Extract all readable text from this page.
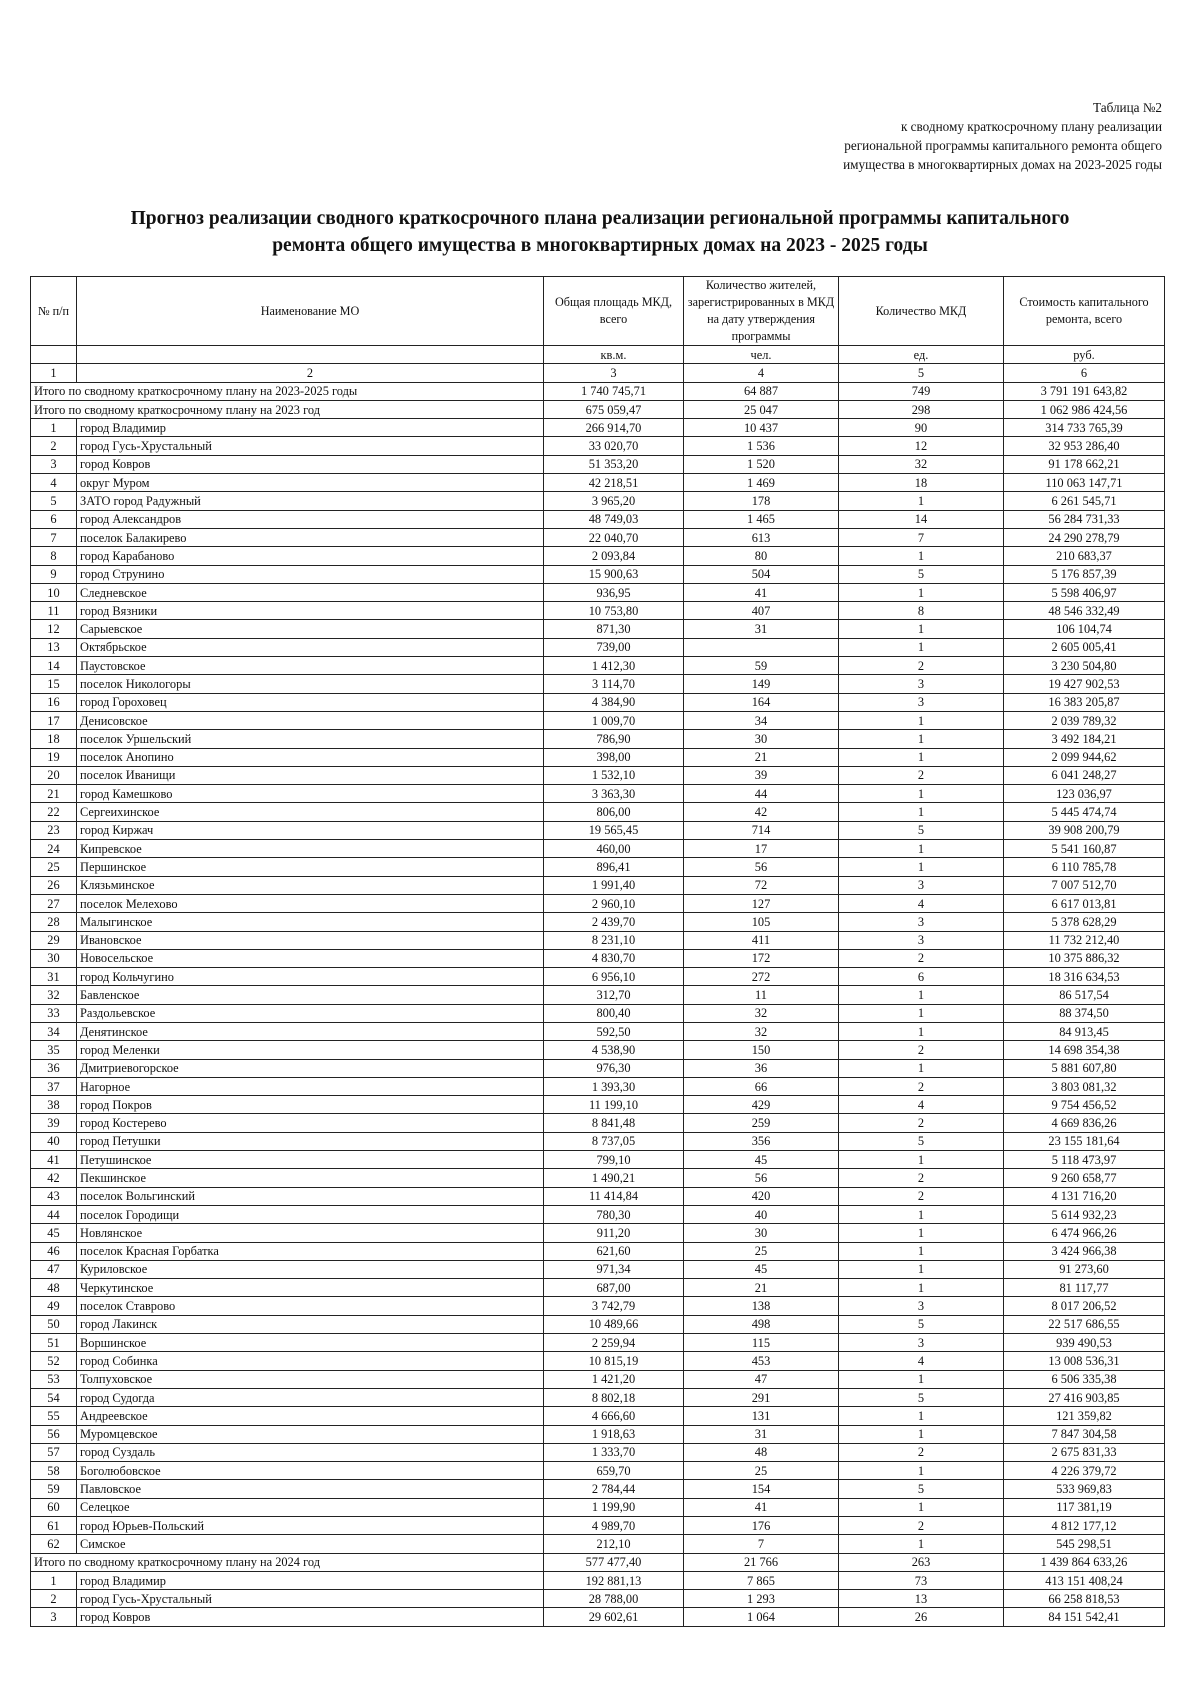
Таблица №2
к сводному краткосрочному плану реализации
региональной программы капитального ремонта общего
имущества в многоквартирных домах на 2023-2025 годы
Прогноз реализации сводного краткосрочного плана реализации региональной программы капитального
ремонта общего имущества в многоквартирных домах на 2023 - 2025 годы
№ п/п	Наименование МО	Общая площадь МКД, всего	Количество жителей, зарегистрированных в МКД на дату утверждения программы	Количество МКД	Стоимость капитального ремонта, всего
		кв.м.	чел.	ед.	руб.
1	2	3	4	5	6
Итого по сводному краткосрочному плану на 2023-2025 годы		1 740 745,71	64 887	749	3 791 191 643,82
Итого по сводному краткосрочному плану на 2023 год		675 059,47	25 047	298	1 062 986 424,56
1	город Владимир	266 914,70	10 437	90	314 733 765,39
2	город Гусь-Хрустальный	33 020,70	1 536	12	32 953 286,40
3	город Ковров	51 353,20	1 520	32	91 178 662,21
4	округ Муром	42 218,51	1 469	18	110 063 147,71
5	ЗАТО город Радужный	3 965,20	178	1	6 261 545,71
6	город Александров	48 749,03	1 465	14	56 284 731,33
7	поселок Балакирево	22 040,70	613	7	24 290 278,79
8	город Карабаново	2 093,84	80	1	210 683,37
9	город Струнино	15 900,63	504	5	5 176 857,39
10	Следневское	936,95	41	1	5 598 406,97
11	город Вязники	10 753,80	407	8	48 546 332,49
12	Сарыевское	871,30	31	1	106 104,74
13	Октябрьское	739,00		1	2 605 005,41
14	Паустовское	1 412,30	59	2	3 230 504,80
15	поселок Никологоры	3 114,70	149	3	19 427 902,53
16	город Гороховец	4 384,90	164	3	16 383 205,87
17	Денисовское	1 009,70	34	1	2 039 789,32
18	поселок Уршельский	786,90	30	1	3 492 184,21
19	поселок Анопино	398,00	21	1	2 099 944,62
20	поселок Иванищи	1 532,10	39	2	6 041 248,27
21	город Камешково	3 363,30	44	1	123 036,97
22	Сергеихинское	806,00	42	1	5 445 474,74
23	город Киржач	19 565,45	714	5	39 908 200,79
24	Кипревское	460,00	17	1	5 541 160,87
25	Першинское	896,41	56	1	6 110 785,78
26	Клязьминское	1 991,40	72	3	7 007 512,70
27	поселок Мелехово	2 960,10	127	4	6 617 013,81
28	Малыгинское	2 439,70	105	3	5 378 628,29
29	Ивановское	8 231,10	411	3	11 732 212,40
30	Новосельское	4 830,70	172	2	10 375 886,32
31	город Кольчугино	6 956,10	272	6	18 316 634,53
32	Бавленское	312,70	11	1	86 517,54
33	Раздольевское	800,40	32	1	88 374,50
34	Денятинское	592,50	32	1	84 913,45
35	город Меленки	4 538,90	150	2	14 698 354,38
36	Дмитриевогорское	976,30	36	1	5 881 607,80
37	Нагорное	1 393,30	66	2	3 803 081,32
38	город Покров	11 199,10	429	4	9 754 456,52
39	город Костерево	8 841,48	259	2	4 669 836,26
40	город Петушки	8 737,05	356	5	23 155 181,64
41	Петушинское	799,10	45	1	5 118 473,97
42	Пекшинское	1 490,21	56	2	9 260 658,77
43	поселок Вольгинский	11 414,84	420	2	4 131 716,20
44	поселок Городищи	780,30	40	1	5 614 932,23
45	Новлянское	911,20	30	1	6 474 966,26
46	поселок Красная Горбатка	621,60	25	1	3 424 966,38
47	Куриловское	971,34	45	1	91 273,60
48	Черкутинское	687,00	21	1	81 117,77
49	поселок Ставрово	3 742,79	138	3	8 017 206,52
50	город Лакинск	10 489,66	498	5	22 517 686,55
51	Воршинское	2 259,94	115	3	939 490,53
52	город Собинка	10 815,19	453	4	13 008 536,31
53	Толпуховское	1 421,20	47	1	6 506 335,38
54	город Судогда	8 802,18	291	5	27 416 903,85
55	Андреевское	4 666,60	131	1	121 359,82
56	Муромцевское	1 918,63	31	1	7 847 304,58
57	город Суздаль	1 333,70	48	2	2 675 831,33
58	Боголюбовское	659,70	25	1	4 226 379,72
59	Павловское	2 784,44	154	5	533 969,83
60	Селецкое	1 199,90	41	1	117 381,19
61	город Юрьев-Польский	4 989,70	176	2	4 812 177,12
62	Симское	212,10	7	1	545 298,51
Итого по сводному краткосрочному плану на 2024 год		577 477,40	21 766	263	1 439 864 633,26
1	город Владимир	192 881,13	7 865	73	413 151 408,24
2	город Гусь-Хрустальный	28 788,00	1 293	13	66 258 818,53
3	город Ковров	29 602,61	1 064	26	84 151 542,41
